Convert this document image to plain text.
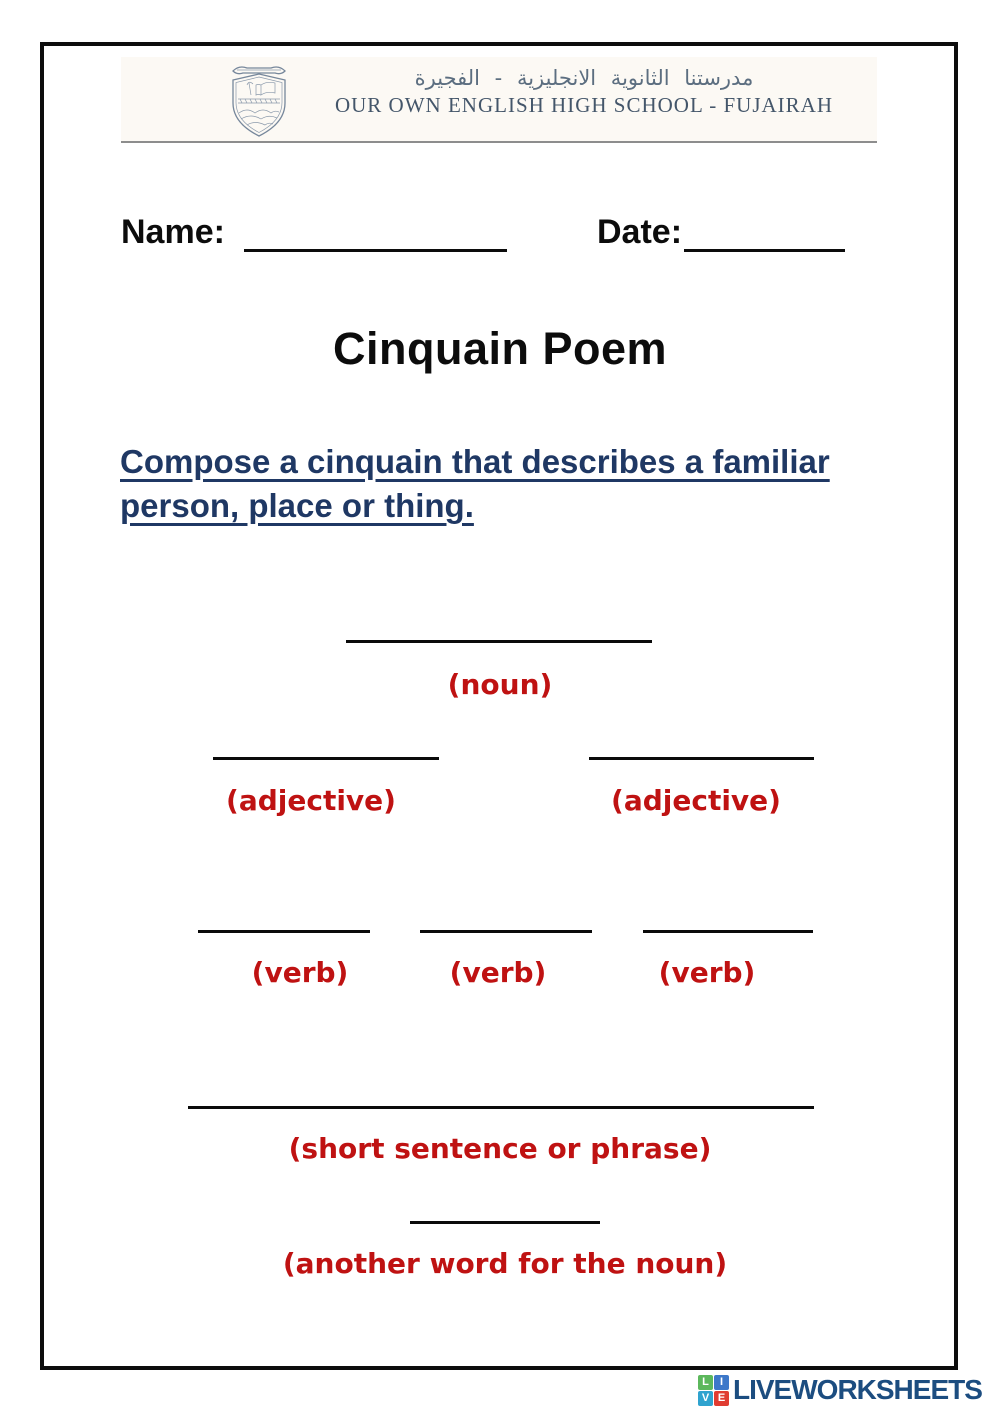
مدرستنا الثانوية الانجليزية - الفجيرة
OUR OWN ENGLISH HIGH SCHOOL - FUJAIRAH
Name:	Date:
Cinquain Poem
Compose a cinquain that describes a familiar person, place or thing.
(noun)
(adjective)	(adjective)
(verb)	(verb)	(verb)
(short sentence or phrase)
(another word for the noun)
L	I
V E LIVEWORKSHEETS
